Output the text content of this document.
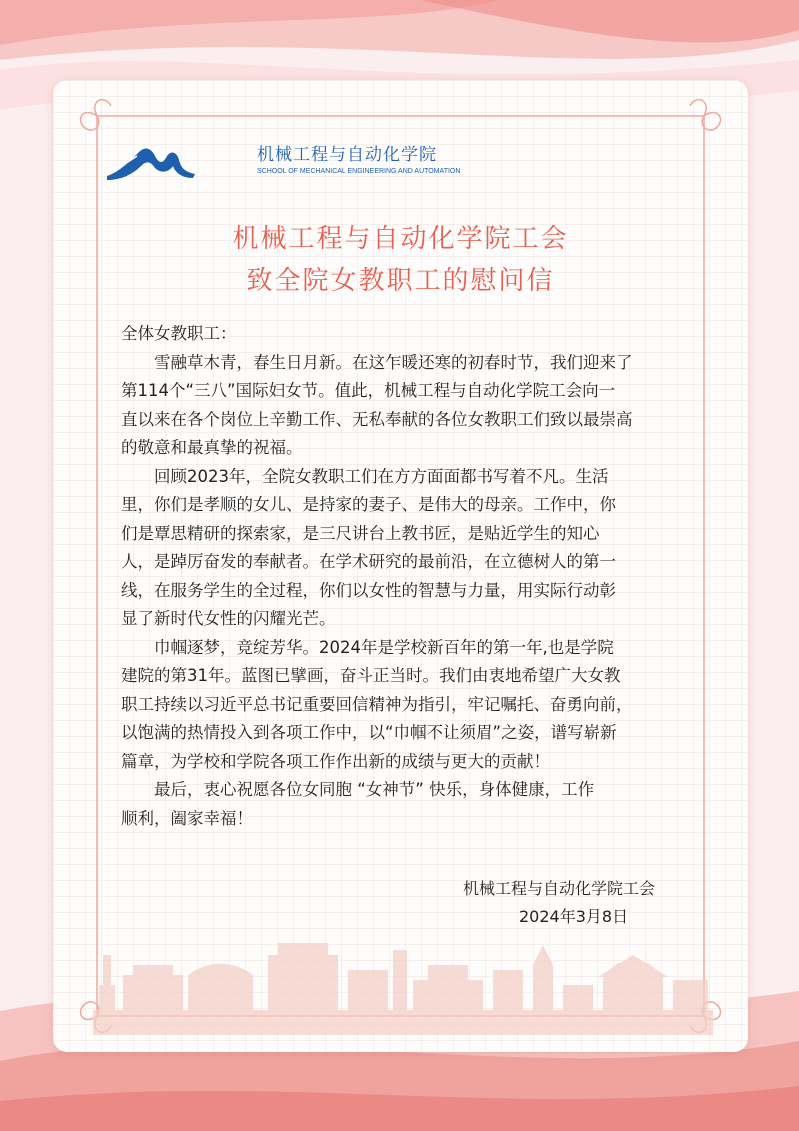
机械工程与自动化学院
SCHOOL OF MECHANICAL ENGINEERING AND AUTOMATION
机械工程与自动化学院工会
致全院女教职工的慰问信
全体女教职工：
　　雪融草木青，春生日月新。在这乍暖还寒的初春时节，我们迎来了
第114个“三八”国际妇女节。值此，机械工程与自动化学院工会向一
直以来在各个岗位上辛勤工作、无私奉献的各位女教职工们致以最崇高
的敬意和最真挚的祝福。
　　回顾2023年，全院女教职工们在方方面面都书写着不凡。生活
里，你们是孝顺的女儿、是持家的妻子、是伟大的母亲。工作中，你
们是覃思精研的探索家，是三尺讲台上教书匠，是贴近学生的知心
人，是踔厉奋发的奉献者。在学术研究的最前沿，在立德树人的第一
线，在服务学生的全过程，你们以女性的智慧与力量，用实际行动彰
显了新时代女性的闪耀光芒。
　　巾帼逐梦，竞绽芳华。2024年是学校新百年的第一年,也是学院
建院的第31年。蓝图已擘画，奋斗正当时。我们由衷地希望广大女教
职工持续以习近平总书记重要回信精神为指引，牢记嘱托、奋勇向前，
以饱满的热情投入到各项工作中，以“巾帼不让须眉”之姿，谱写崭新
篇章，为学校和学院各项工作作出新的成绩与更大的贡献！
　　最后，衷心祝愿各位女同胞 “女神节” 快乐，身体健康，工作
顺利，阖家幸福！
机械工程与自动化学院工会
2024年3月8日
